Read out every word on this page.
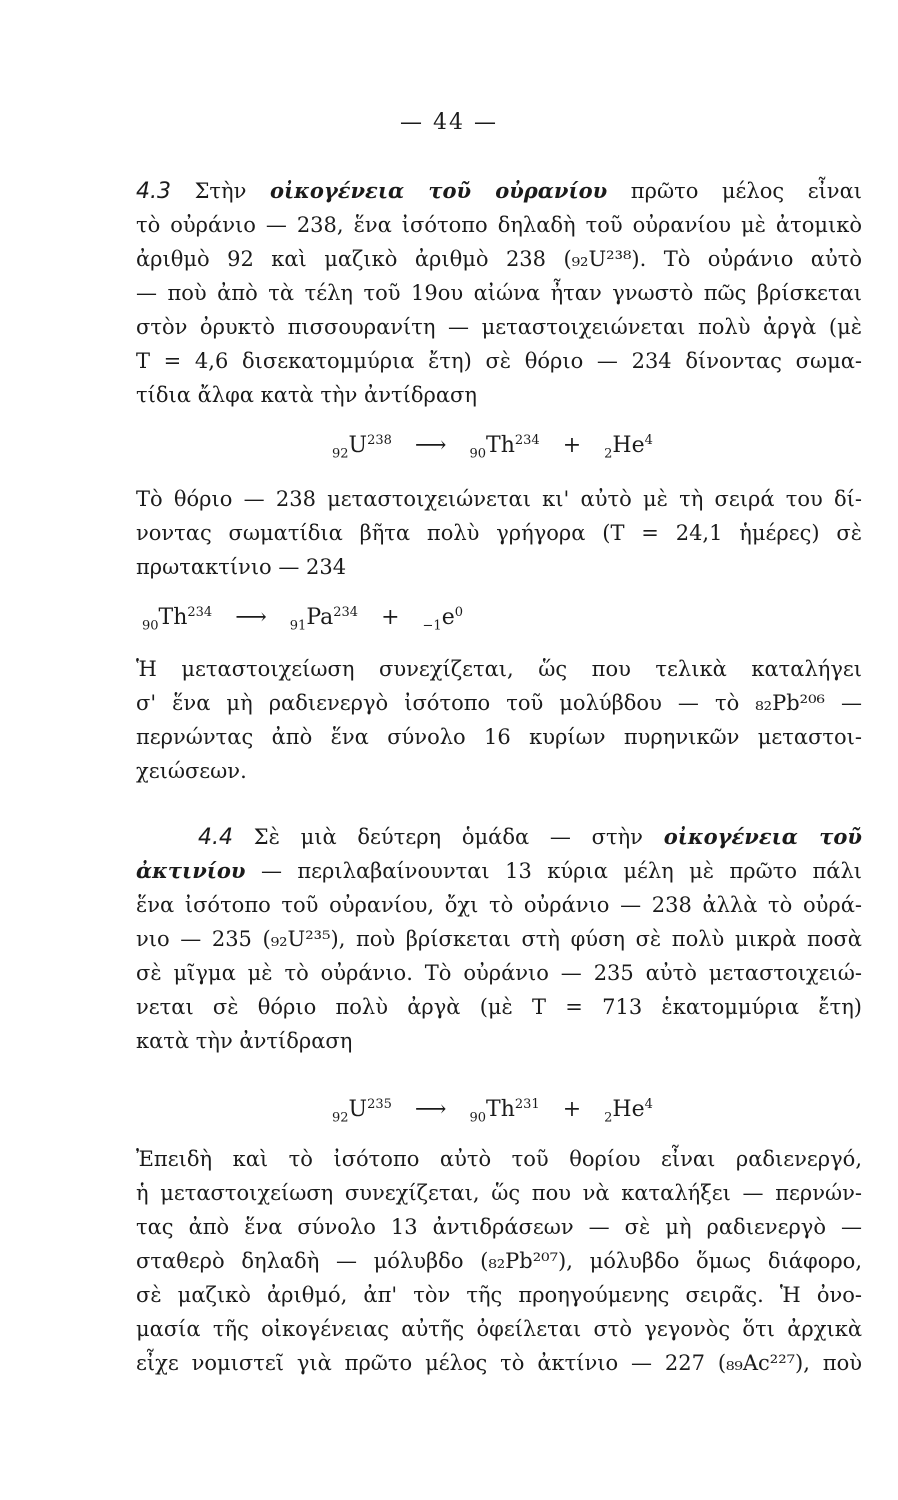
— 44 —
4.3 Στὴν οἰκογένεια τοῦ οὐρανίου πρῶτο μέλος εἶναι
τὸ οὐράνιο — 238, ἕνα ἰσότοπο δηλαδὴ τοῦ οὐρανίου μὲ ἀτομικὸ
ἀριθμὸ 92 καὶ μαζικὸ ἀριθμὸ 238 (₉₂U²³⁸). Τὸ οὐράνιο αὐτὸ
— ποὺ ἀπὸ τὰ τέλη τοῦ 19ου αἰώνα ἦταν γνωστὸ πῶς βρίσκεται
στὸν ὀρυκτὸ πισσουρανίτη — μεταστοιχειώνεται πολὺ ἀργὰ (μὲ
T = 4,6 δισεκατομμύρια ἔτη) σὲ θόριο — 234 δίνοντας σωμα-
τίδια ἄλφα κατὰ τὴν ἀντίδραση
$_{92}U^{238}$ ⟶ $_{90}Th^{234} + _2He^4$
Τὸ θόριο — 238 μεταστοιχειώνεται κι' αὐτὸ μὲ τὴ σειρά του δί-
νοντας σωματίδια βῆτα πολὺ γρήγορα (T = 24,1 ἡμέρες) σὲ
πρωτακτίνιο — 234
$_{90}Th^{234}$ ⟶ $_{91}Pa^{234} + _{-1}e^0$
Ἡ μεταστοιχείωση συνεχίζεται, ὥς που τελικὰ καταλήγει
σ' ἕνα μὴ ραδιενεργὸ ἰσότοπο τοῦ μολύβδου — τὸ ₈₂Pb²⁰⁶ —
περνώντας ἀπὸ ἕνα σύνολο 16 κυρίων πυρηνικῶν μεταστοι-
χειώσεων.
4.4 Σὲ μιὰ δεύτερη ὁμάδα — στὴν οἰκογένεια τοῦ
ἀκτινίου — περιλαβαίνουνται 13 κύρια μέλη μὲ πρῶτο πάλι
ἕνα ἰσότοπο τοῦ οὐρανίου, ὄχι τὸ οὐράνιο — 238 ἀλλὰ τὸ οὐρά-
νιο — 235 (₉₂U²³⁵), ποὺ βρίσκεται στὴ φύση σὲ πολὺ μικρὰ ποσὰ
σὲ μῖγμα μὲ τὸ οὐράνιο. Τὸ οὐράνιο — 235 αὐτὸ μεταστοιχειώ-
νεται σὲ θόριο πολὺ ἀργὰ (μὲ T = 713 ἑκατομμύρια ἔτη)
κατὰ τὴν ἀντίδραση
$_{92}U^{235}$ ⟶ $_{90}Th^{231} + _2He^4$
Ἐπειδὴ καὶ τὸ ἰσότοπο αὐτὸ τοῦ θορίου εἶναι ραδιενεργό,
ἡ μεταστοιχείωση συνεχίζεται, ὥς που νὰ καταλήξει — περνών-
τας ἀπὸ ἕνα σύνολο 13 ἀντιδράσεων — σὲ μὴ ραδιενεργὸ —
σταθερὸ δηλαδὴ — μόλυβδο (₈₂Pb²⁰⁷), μόλυβδο ὅμως διάφορο,
σὲ μαζικὸ ἀριθμό, ἀπ' τὸν τῆς προηγούμενης σειρᾶς. Ἡ ὀνο-
μασία τῆς οἰκογένειας αὐτῆς ὀφείλεται στὸ γεγονὸς ὅτι ἀρχικὰ
εἶχε νομιστεῖ γιὰ πρῶτο μέλος τὸ ἀκτίνιο — 227 (₈₉Ac²²⁷), ποὺ
